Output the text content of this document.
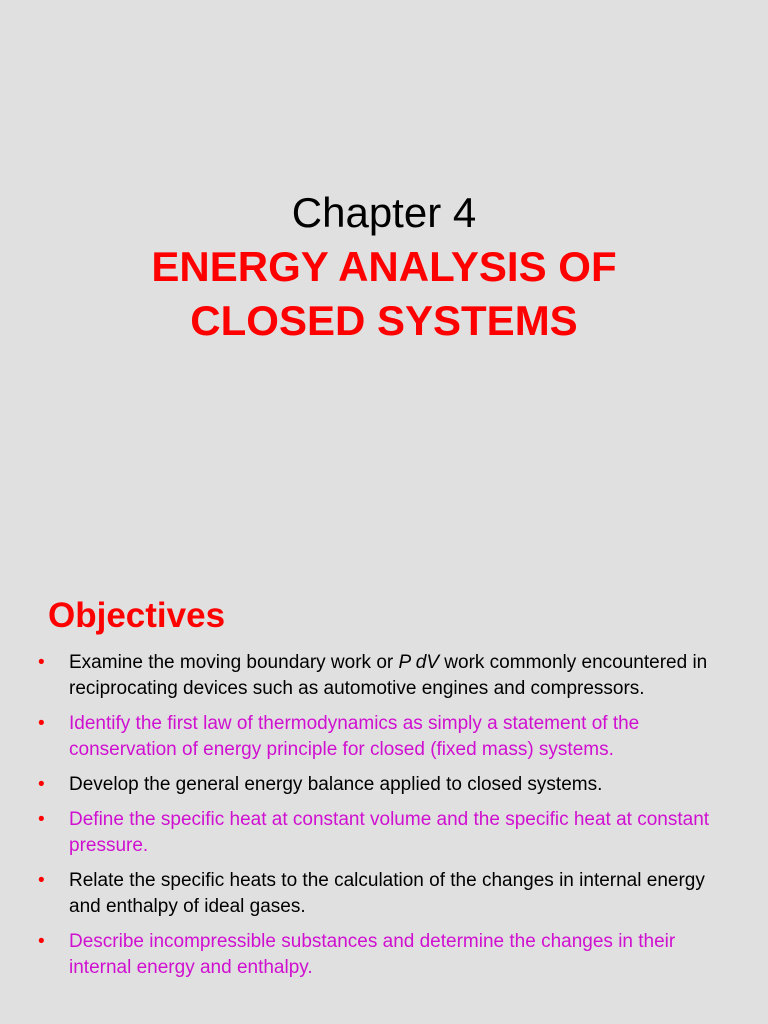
Chapter 4
ENERGY ANALYSIS OF
CLOSED SYSTEMS
Objectives
• Examine the moving boundary work or P dV work commonly encountered in reciprocating devices such as automotive engines and compressors.
• Identify the first law of thermodynamics as simply a statement of the conservation of energy principle for closed (fixed mass) systems.
• Develop the general energy balance applied to closed systems.
• Define the specific heat at constant volume and the specific heat at constant pressure.
• Relate the specific heats to the calculation of the changes in internal energy and enthalpy of ideal gases.
• Describe incompressible substances and determine the changes in their internal energy and enthalpy.
